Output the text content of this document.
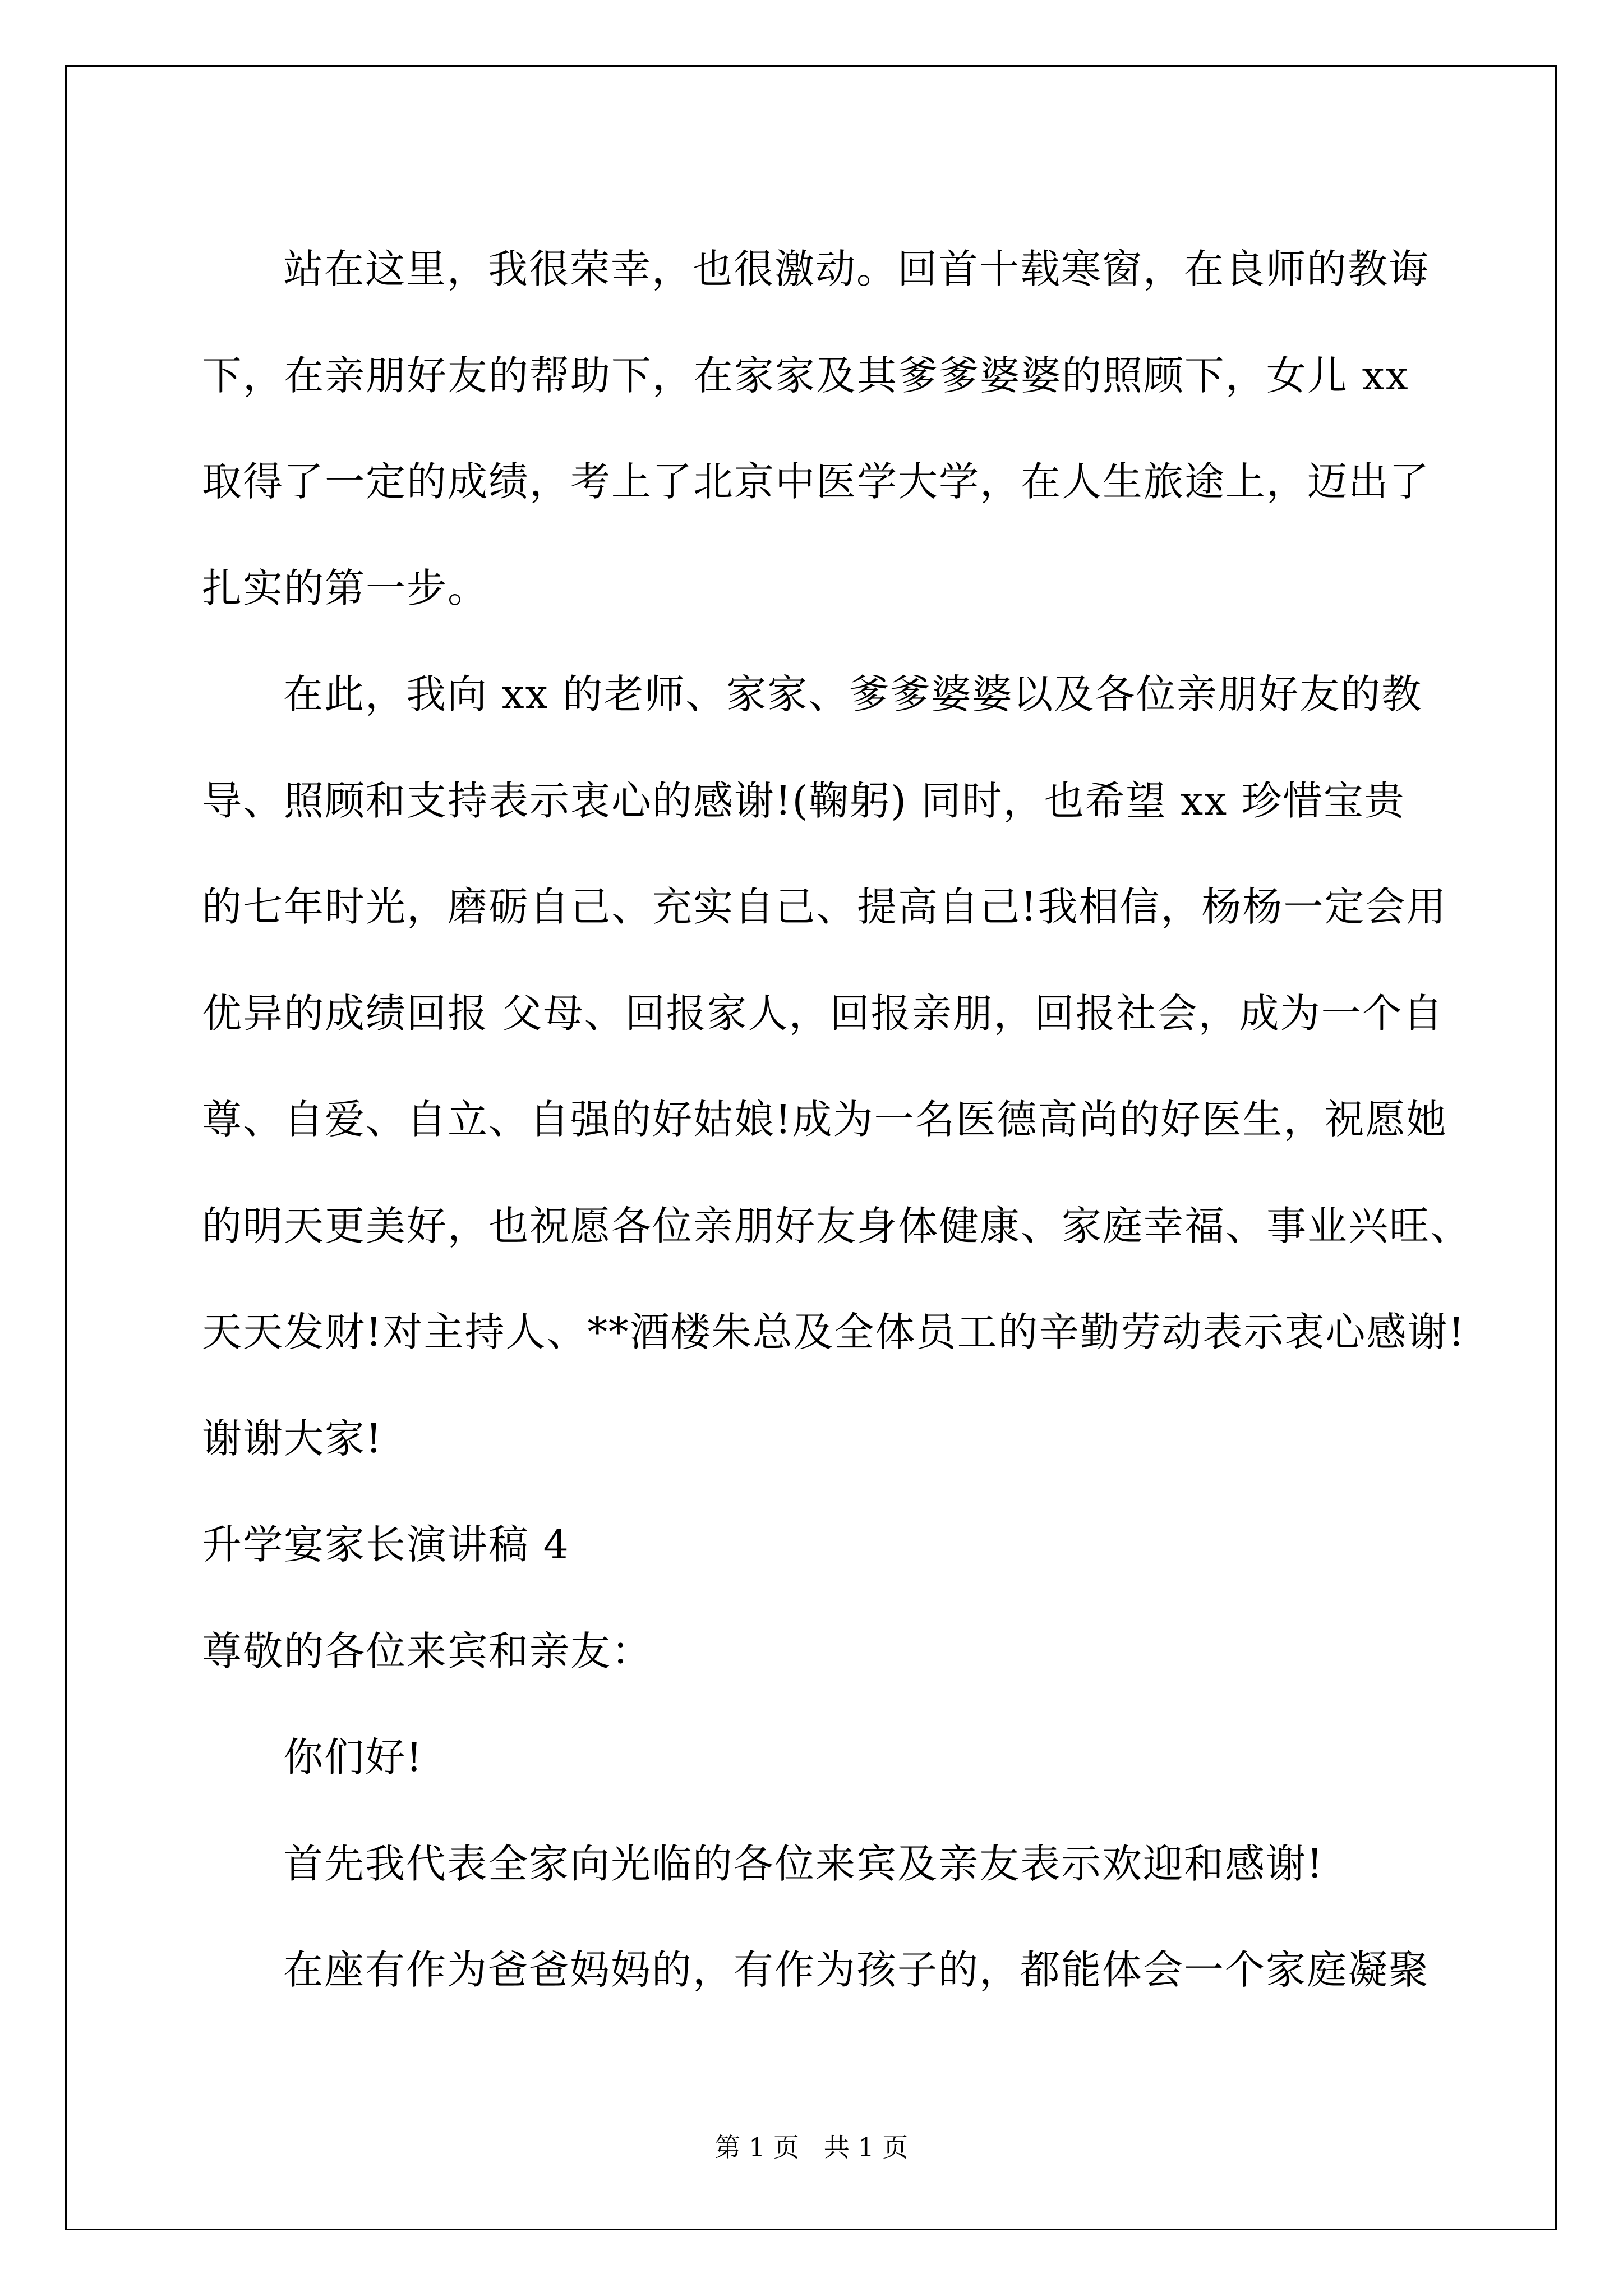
站在这里，我很荣幸，也很激动。回首十载寒窗，在良师的教诲

下，在亲朋好友的帮助下，在家家及其爹爹婆婆的照顾下，女儿 xx

取得了一定的成绩，考上了北京中医学大学，在人生旅途上，迈出了

扎实的第一步。

在此，我向 xx 的老师、家家、爹爹婆婆以及各位亲朋好友的教

导、照顾和支持表示衷心的感谢!(鞠躬) 同时，也希望 xx 珍惜宝贵

的七年时光，磨砺自己、充实自己、提高自己!我相信，杨杨一定会用

优异的成绩回报 父母、回报家人，回报亲朋，回报社会，成为一个自

尊、自爱、自立、自强的好姑娘!成为一名医德高尚的好医生，祝愿她

的明天更美好，也祝愿各位亲朋好友身体健康、家庭幸福、事业兴旺、

天天发财!对主持人、**酒楼朱总及全体员工的辛勤劳动表示衷心感谢!

谢谢大家!

升学宴家长演讲稿 4

尊敬的各位来宾和亲友：

你们好!

首先我代表全家向光临的各位来宾及亲友表示欢迎和感谢!

在座有作为爸爸妈妈的，有作为孩子的，都能体会一个家庭凝聚

第 1 页   共 1 页
